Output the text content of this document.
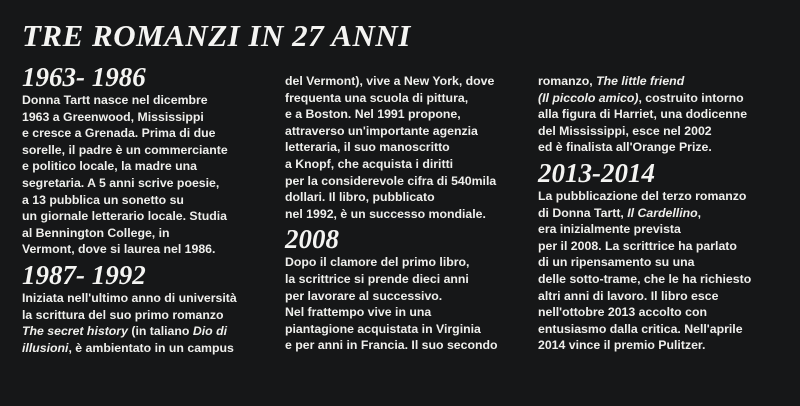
TRE ROMANZI IN 27 ANNI
1963- 1986
Donna Tartt nasce nel dicembre
1963 a Greenwood, Mississippi
e cresce a Grenada. Prima di due
sorelle, il padre è un commerciante
e politico locale, la madre una
segretaria. A 5 anni scrive poesie,
a 13 pubblica un sonetto su
un giornale letterario locale. Studia
al Bennington College, in
Vermont, dove si laurea nel 1986.
1987- 1992
Iniziata nell'ultimo anno di università
la scrittura del suo primo romanzo
The secret history (in taliano Dio di
illusioni, è ambientato in un campus
del Vermont), vive a New York, dove
frequenta una scuola di pittura,
e a Boston. Nel 1991 propone,
attraverso un'importante agenzia
letteraria, il suo manoscritto
a Knopf, che acquista i diritti
per la considerevole cifra di 540mila
dollari. Il libro, pubblicato
nel 1992, è un successo mondiale.
2008
Dopo il clamore del primo libro,
la scrittrice si prende dieci anni
per lavorare al successivo.
Nel frattempo vive in una
piantagione acquistata in Virginia
e per anni in Francia. Il suo secondo
romanzo, The little friend
(Il piccolo amico), costruito intorno
alla figura di Harriet, una dodicenne
del Mississippi, esce nel 2002
ed è finalista all'Orange Prize.
2013-2014
La pubblicazione del terzo romanzo
di Donna Tartt, Il Cardellino,
era inizialmente prevista
per il 2008. La scrittrice ha parlato
di un ripensamento su una
delle sotto-trame, che le ha richiesto
altri anni di lavoro. Il libro esce
nell'ottobre 2013 accolto con
entusiasmo dalla critica. Nell'aprile
2014 vince il premio Pulitzer.
